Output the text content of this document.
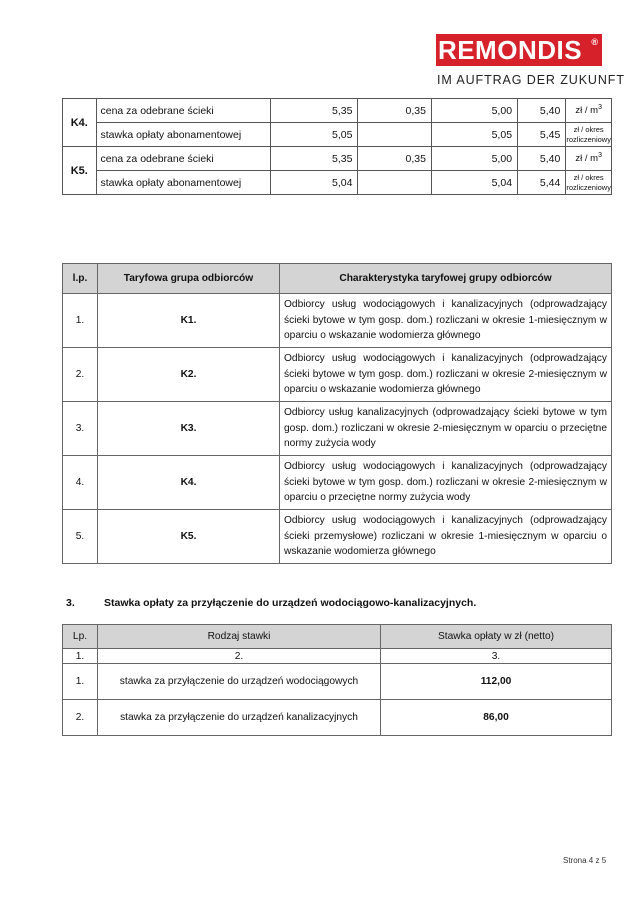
REMONDIS ®
IM AUFTRAG DER ZUKUNFT
K4.	cena za odebrane ścieki	5,35	0,35	5,00	5,40	zł / $m^3$
	stawka opłaty abonamentowej	5,05		5,05	5,45	zł / okres
rozliczeniowy
K5.	cena za odebrane ścieki	5,35	0,35	5,00	5,40	zł / $m^3$
	stawka opłaty abonamentowej	5,04		5,04	5,44	zł / okres
rozliczeniowy
l.p.	Taryfowa grupa odbiorców	Charakterystyka taryfowej grupy odbiorców
1.	K1.	Odbiorcy usług wodociągowych i kanalizacyjnych (odprowadzający ścieki bytowe w tym gosp. dom.) rozliczani w okresie 1-miesięcznym w oparciu o wskazanie wodomierza głównego
2.	K2.	Odbiorcy usług wodociągowych i kanalizacyjnych (odprowadzający ścieki bytowe w tym gosp. dom.) rozliczani w okresie 2-miesięcznym w oparciu o wskazanie wodomierza głównego
3.	K3.	Odbiorcy usług kanalizacyjnych (odprowadzający ścieki bytowe w tym gosp. dom.) rozliczani w okresie 2-miesięcznym w oparciu o przeciętne normy zużycia wody
4.	K4.	Odbiorcy usług wodociągowych i kanalizacyjnych (odprowadzający ścieki bytowe w tym gosp. dom.) rozliczani w okresie 2-miesięcznym w oparciu o przeciętne normy zużycia wody
5.	K5.	Odbiorcy usług wodociągowych i kanalizacyjnych (odprowadzający ścieki przemysłowe) rozliczani w okresie 1-miesięcznym w oparciu o wskazanie wodomierza głównego
3.	Stawka opłaty za przyłączenie do urządzeń wodociągowo-kanalizacyjnych.
Lp.	Rodzaj stawki	Stawka opłaty w zł (netto)
1.	2.	3.
1.	stawka za przyłączenie do urządzeń wodociągowych	112,00
2.	stawka za przyłączenie do urządzeń kanalizacyjnych	86,00
Strona 4 z 5
